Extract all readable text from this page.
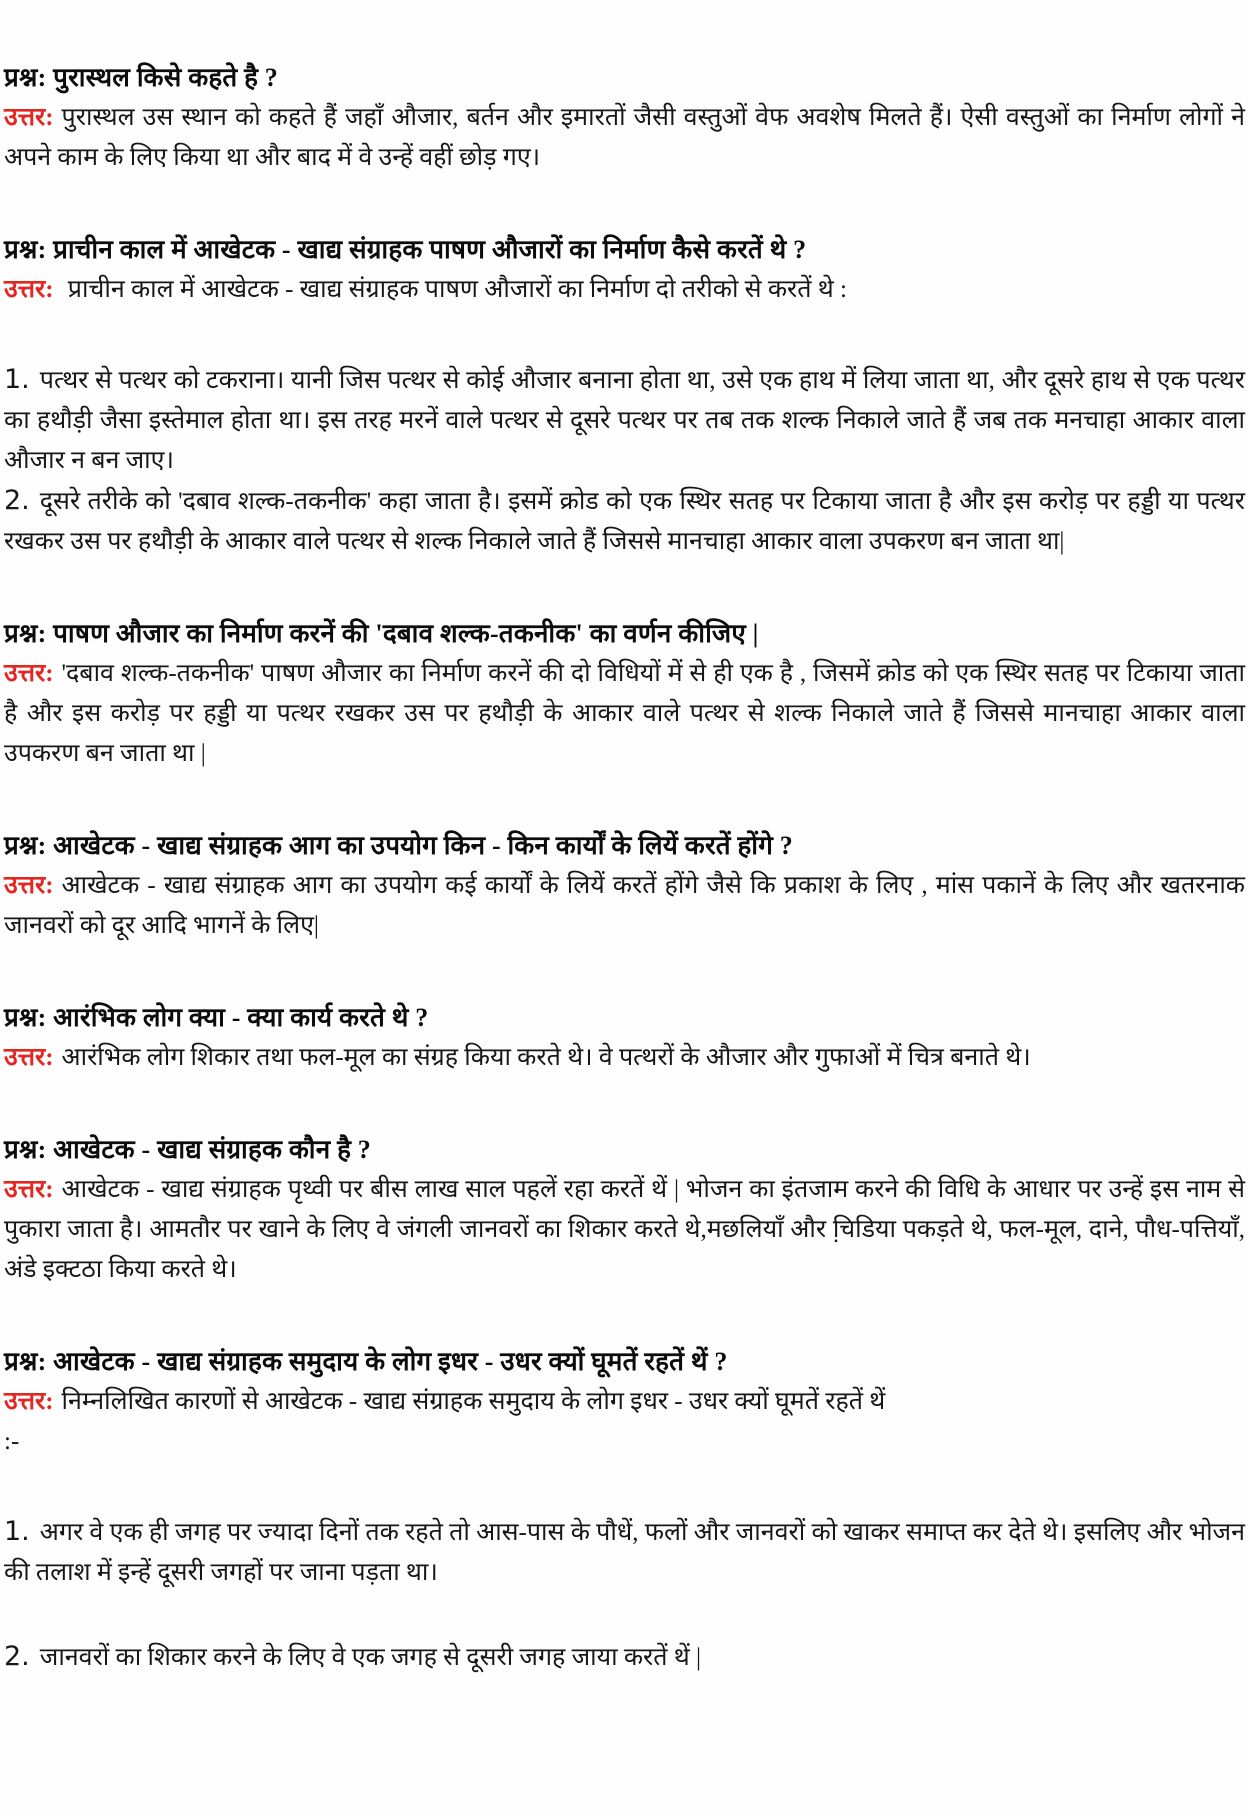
प्रश्न: पुरास्थल किसे कहते है ?

उत्तर: पुरास्थल उस स्थान को कहते हैं जहाँ औजार, बर्तन और इमारतों जैसी वस्तुओं वेफ अवशेष मिलते हैं। ऐसी वस्तुओं का निर्माण लोगों ने अपने काम के लिए किया था और बाद में वे उन्हें वहीं छोड़ गए।

प्रश्न: प्राचीन काल में आखेटक - खाद्य संग्राहक पाषण औजारों का निर्माण कैसे करतें थे ?

उत्तर: प्राचीन काल में आखेटक - खाद्य संग्राहक पाषण औजारों का निर्माण दो तरीको से करतें थे :

1. पत्थर से पत्थर को टकराना। यानी जिस पत्थर से कोई औजार बनाना होता था, उसे एक हाथ में लिया जाता था, और दूसरे हाथ से एक पत्थर का हथौड़ी जैसा इस्तेमाल होता था। इस तरह मरनें वाले पत्थर से दूसरे पत्थर पर तब तक शल्क निकाले जाते हैं जब तक मनचाहा आकार वाला औजार न बन जाए।

2. दूसरे तरीके को 'दबाव शल्क-तकनीक' कहा जाता है। इसमें क्रोड को एक स्थिर सतह पर टिकाया जाता है और इस करोड़ पर हड्डी या पत्थर रखकर उस पर हथौड़ी के आकार वाले पत्थर से शल्क निकाले जाते हैं जिससे मानचाहा आकार वाला उपकरण बन जाता था|

प्रश्न: पाषण औजार का निर्माण करनें की 'दबाव शल्क-तकनीक' का वर्णन कीजिए |

उत्तर: 'दबाव शल्क-तकनीक' पाषण औजार का निर्माण करनें की दो विधियों में से ही एक है , जिसमें क्रोड को एक स्थिर सतह पर टिकाया जाता है और इस करोड़ पर हड्डी या पत्थर रखकर उस पर हथौड़ी के आकार वाले पत्थर से शल्क निकाले जाते हैं जिससे मानचाहा आकार वाला उपकरण बन जाता था |

प्रश्न: आखेटक - खाद्य संग्राहक आग का उपयोग किन - किन कार्यों के लियें करतें होंगे ?

उत्तर: आखेटक - खाद्य संग्राहक आग का उपयोग कई कार्यों के लियें करतें होंगे जैसे कि प्रकाश के लिए , मांस पकानें के लिए और खतरनाक जानवरों को दूर आदि भागनें के लिए|

प्रश्न: आरंभिक लोग क्या - क्या कार्य करते थे ?

उत्तर: आरंभिक लोग शिकार तथा फल-मूल का संग्रह किया करते थे। वे पत्थरों के औजार और गुफाओं में चित्र बनाते थे।

प्रश्न: आखेटक - खाद्य संग्राहक कौन है ?

उत्तर: आखेटक - खाद्य संग्राहक पृथ्वी पर बीस लाख साल पहलें रहा करतें थें | भोजन का इंतजाम करने की विधि के आधार पर उन्हें इस नाम से पुकारा जाता है। आमतौर पर खाने के लिए वे जंगली जानवरों का शिकार करते थे,मछलियाँ और चि़डिया पकड़ते थे, फल-मूल, दाने, पौध-पत्तियाँ, अंडे इक्टठा किया करते थे।

प्रश्न: आखेटक - खाद्य संग्राहक समुदाय के लोग इधर - उधर क्यों घूमतें रहतें थें ?

उत्तर: निम्नलिखित कारणों से आखेटक - खाद्य संग्राहक समुदाय के लोग इधर - उधर क्यों घूमतें रहतें थें

:-

1. अगर वे एक ही जगह पर ज्यादा दिनों तक रहते तो आस-पास के पौधें, फलों और जानवरों को खाकर समाप्त कर देते थे। इसलिए और भोजन की तलाश में इन्हें दूसरी जगहों पर जाना पड़ता था।

2. जानवरों का शिकार करने के लिए वे एक जगह से दूसरी जगह जाया करतें थें |
